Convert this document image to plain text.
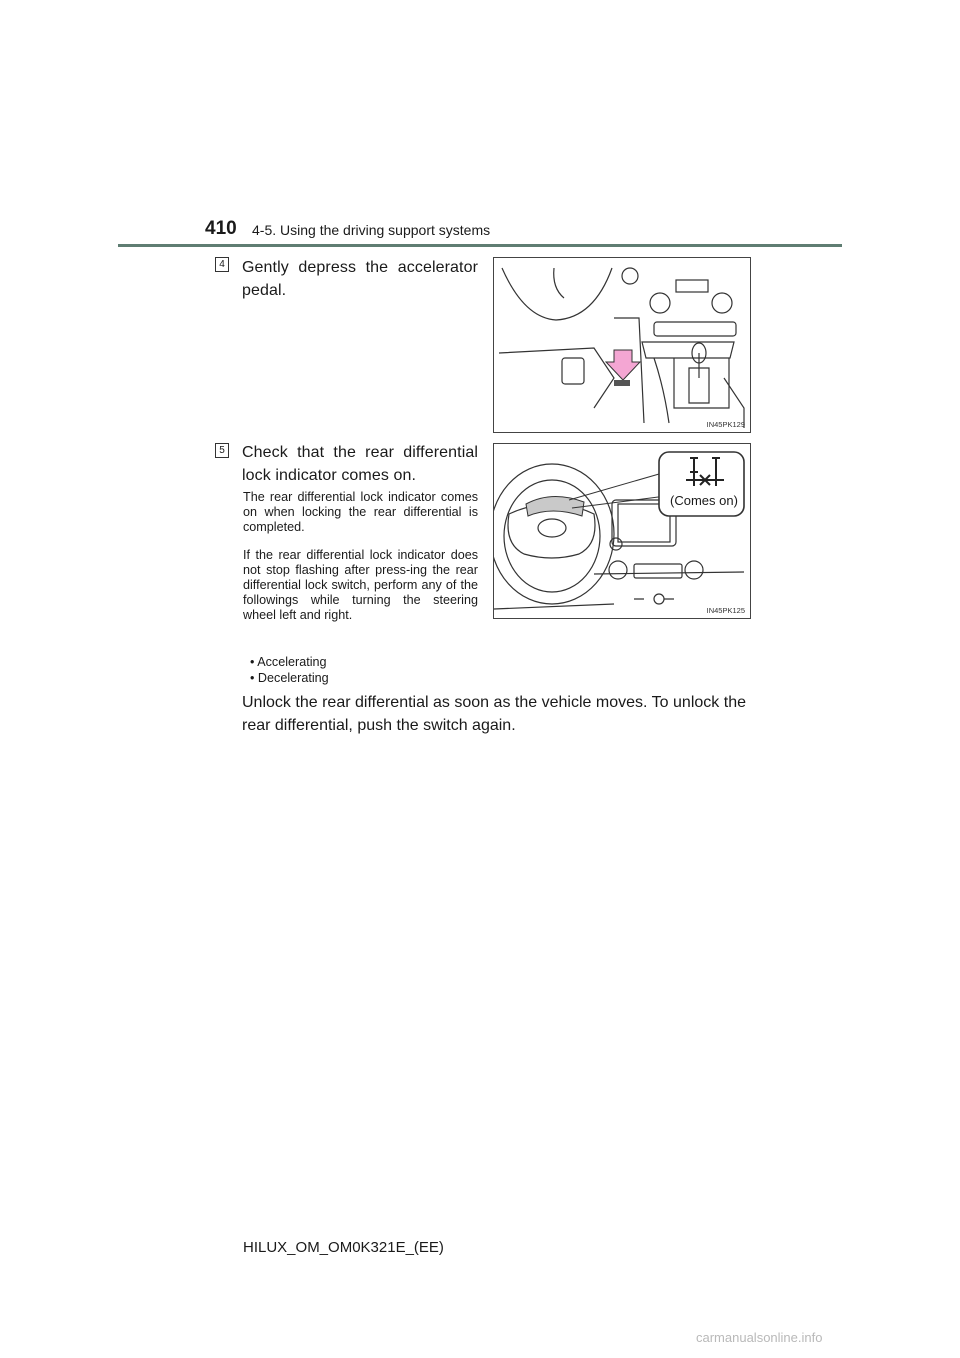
410 4-5. Using the driving support systems
4 Gently depress the accelerator pedal.
IN45PK129
5 Check that the rear differential lock indicator comes on.
The rear differential lock indicator comes on when locking the rear differential is completed.
If the rear differential lock indicator does not stop flashing after press-ing the rear differential lock switch, perform any of the followings while turning the steering wheel left and right.
• Accelerating
• Decelerating
(Comes on)
IN45PK125
Unlock the rear differential as soon as the vehicle moves. To unlock the rear differential, push the switch again.
HILUX_OM_OM0K321E_(EE)
carmanualsonline.info
